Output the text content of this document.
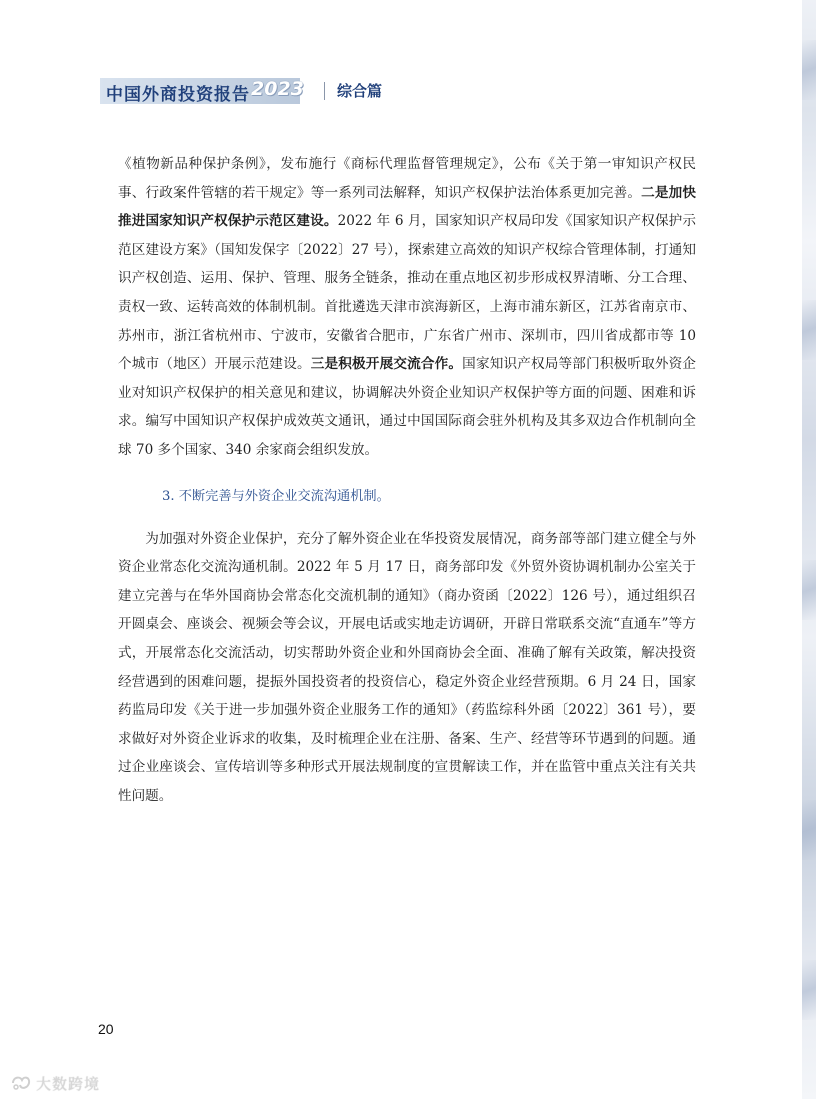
中国外商投资报告 2023 综合篇

《植物新品种保护条例》，发布施行《商标代理监督管理规定》，公布《关于第一审知识产权民事、行政案件管辖的若干规定》等一系列司法解释，知识产权保护法治体系更加完善。二是加快推进国家知识产权保护示范区建设。2022 年 6 月，国家知识产权局印发《国家知识产权保护示范区建设方案》（国知发保字〔2022〕27 号），探索建立高效的知识产权综合管理体制，打通知识产权创造、运用、保护、管理、服务全链条，推动在重点地区初步形成权界清晰、分工合理、责权一致、运转高效的体制机制。首批遴选天津市滨海新区，上海市浦东新区，江苏省南京市、苏州市，浙江省杭州市、宁波市，安徽省合肥市，广东省广州市、深圳市，四川省成都市等 10 个城市（地区）开展示范建设。三是积极开展交流合作。国家知识产权局等部门积极听取外资企业对知识产权保护的相关意见和建议，协调解决外资企业知识产权保护等方面的问题、困难和诉求。编写中国知识产权保护成效英文通讯，通过中国国际商会驻外机构及其多双边合作机制向全球 70 多个国家、340 余家商会组织发放。

3. 不断完善与外资企业交流沟通机制。

为加强对外资企业保护，充分了解外资企业在华投资发展情况，商务部等部门建立健全与外资企业常态化交流沟通机制。2022 年 5 月 17 日，商务部印发《外贸外资协调机制办公室关于建立完善与在华外国商协会常态化交流机制的通知》（商办资函〔2022〕126 号），通过组织召开圆桌会、座谈会、视频会等会议，开展电话或实地走访调研，开辟日常联系交流“直通车”等方式，开展常态化交流活动，切实帮助外资企业和外国商协会全面、准确了解有关政策，解决投资经营遇到的困难问题，提振外国投资者的投资信心，稳定外资企业经营预期。6 月 24 日，国家药监局印发《关于进一步加强外资企业服务工作的通知》（药监综科外函〔2022〕361 号），要求做好对外资企业诉求的收集，及时梳理企业在注册、备案、生产、经营等环节遇到的问题。通过企业座谈会、宣传培训等多种形式开展法规制度的宣贯解读工作，并在监管中重点关注有关共性问题。

20
大数跨境
